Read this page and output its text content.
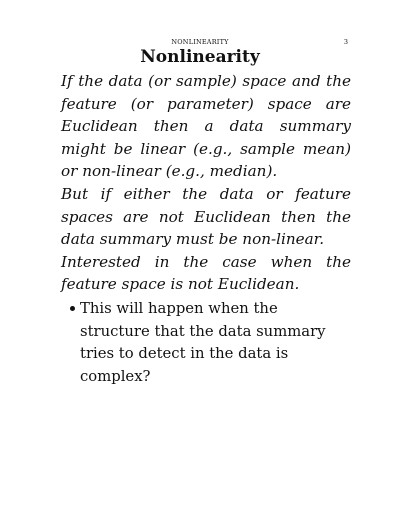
NONLINEARITY	3
Nonlinearity

If the data (or sample) space and the feature (or parameter) space are Euclidean then a data summary might be linear (e.g., sample mean) or non-linear (e.g., median).

But if either the data or feature spaces are not Euclidean then the data summary must be non-linear.

Interested in the case when the feature space is not Euclidean.

This will happen when the structure that the data summary tries to detect in the data is complex?
